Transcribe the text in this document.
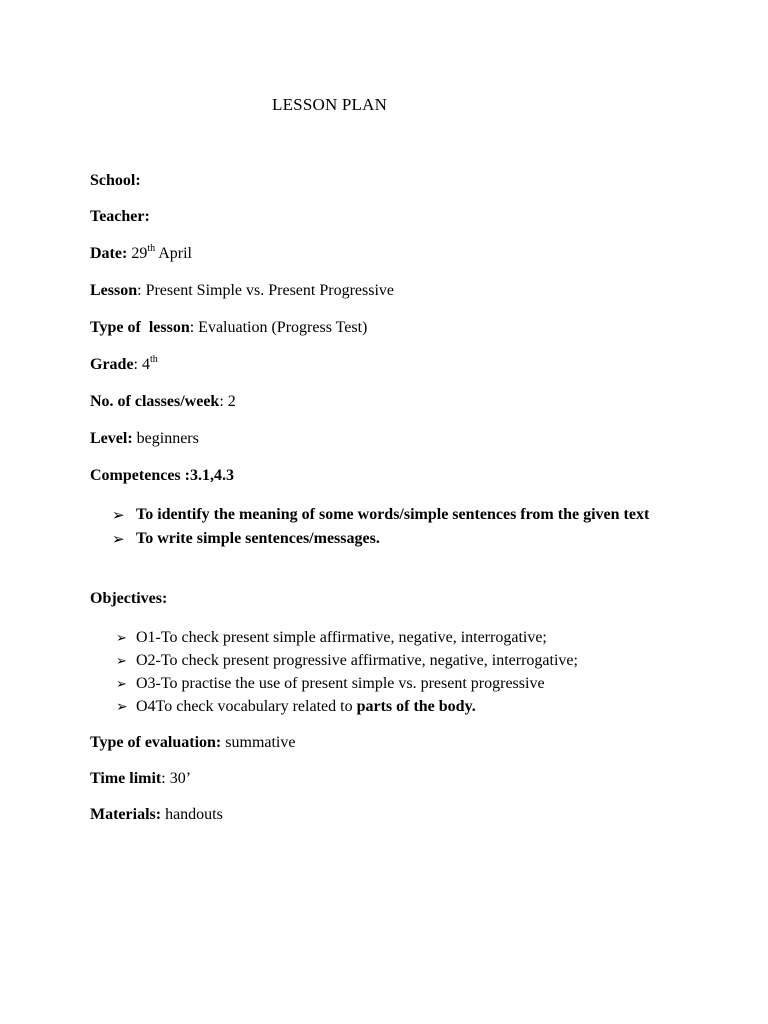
LESSON PLAN
School:
Teacher:
Date: 29th April
Lesson: Present Simple vs. Present Progressive
Type of  lesson: Evaluation (Progress Test)
Grade: 4th
No. of classes/week: 2
Level: beginners
Competences :3.1,4.3
➢ To identify the meaning of some words/simple sentences from the given text
➢ To write simple sentences/messages.
Objectives:
➢ O1-To check present simple affirmative, negative, interrogative;
➢ O2-To check present progressive affirmative, negative, interrogative;
➢ O3-To practise the use of present simple vs. present progressive
➢ O4To check vocabulary related to parts of the body.
Type of evaluation: summative
Time limit: 30’
Materials: handouts
